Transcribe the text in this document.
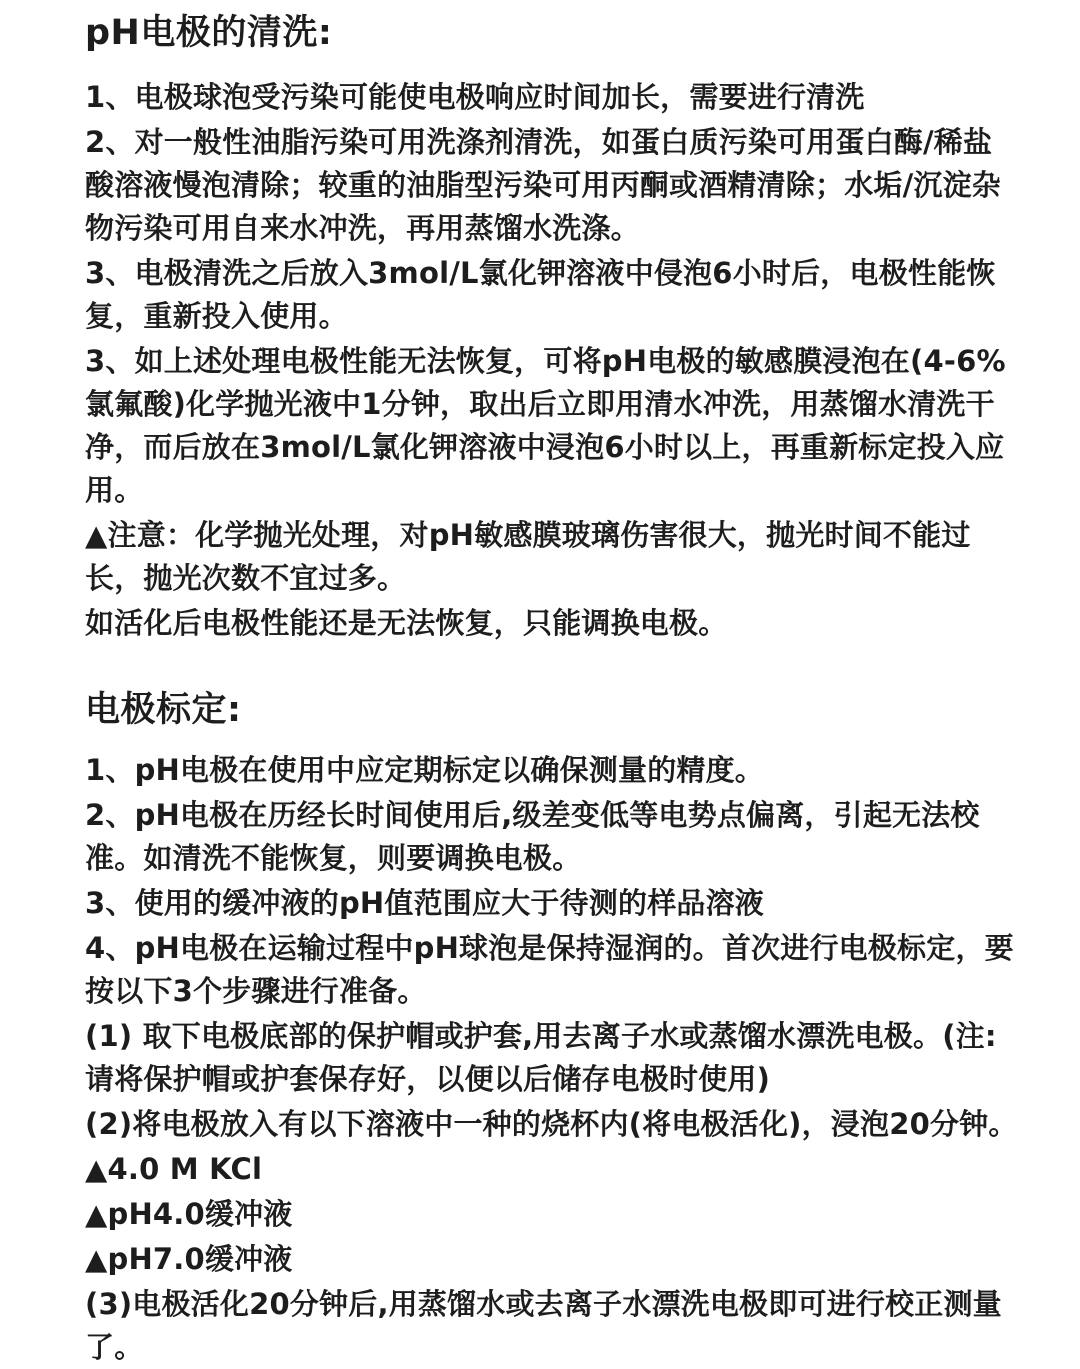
pH电极的清洗:

1、电极球泡受污染可能使电极响应时间加长，需要进行清洗

2、对一般性油脂污染可用洗涤剂清洗，如蛋白质污染可用蛋白酶/稀盐酸溶液慢泡清除；较重的油脂型污染可用丙酮或酒精清除；水垢/沉淀杂物污染可用自来水冲洗，再用蒸馏水洗涤。

3、电极清洗之后放入3mol/L氯化钾溶液中侵泡6小时后，电极性能恢复，重新投入使用。

3、如上述处理电极性能无法恢复，可将pH电极的敏感膜浸泡在(4-6%氯氟酸)化学抛光液中1分钟，取出后立即用清水冲洗，用蒸馏水清洗干净，而后放在3mol/L氯化钾溶液中浸泡6小时以上，再重新标定投入应用。

▲注意：化学抛光处理，对pH敏感膜玻璃伤害很大，抛光时间不能过长，抛光次数不宜过多。

如活化后电极性能还是无法恢复，只能调换电极。

电极标定:

1、pH电极在使用中应定期标定以确保测量的精度。

2、pH电极在历经长时间使用后,级差变低等电势点偏离，引起无法校准。如清洗不能恢复，则要调换电极。

3、使用的缓冲液的pH值范围应大于待测的样品溶液

4、pH电极在运输过程中pH球泡是保持湿润的。首次进行电极标定，要按以下3个步骤进行准备。

(1) 取下电极底部的保护帽或护套,用去离子水或蒸馏水漂洗电极。(注:请将保护帽或护套保存好，以便以后储存电极时使用)

(2)将电极放入有以下溶液中一种的烧杯内(将电极活化)，浸泡20分钟。

▲4.0 M KCl

▲pH4.0缓冲液

▲pH7.0缓冲液

(3)电极活化20分钟后,用蒸馏水或去离子水漂洗电极即可进行校正测量了。
